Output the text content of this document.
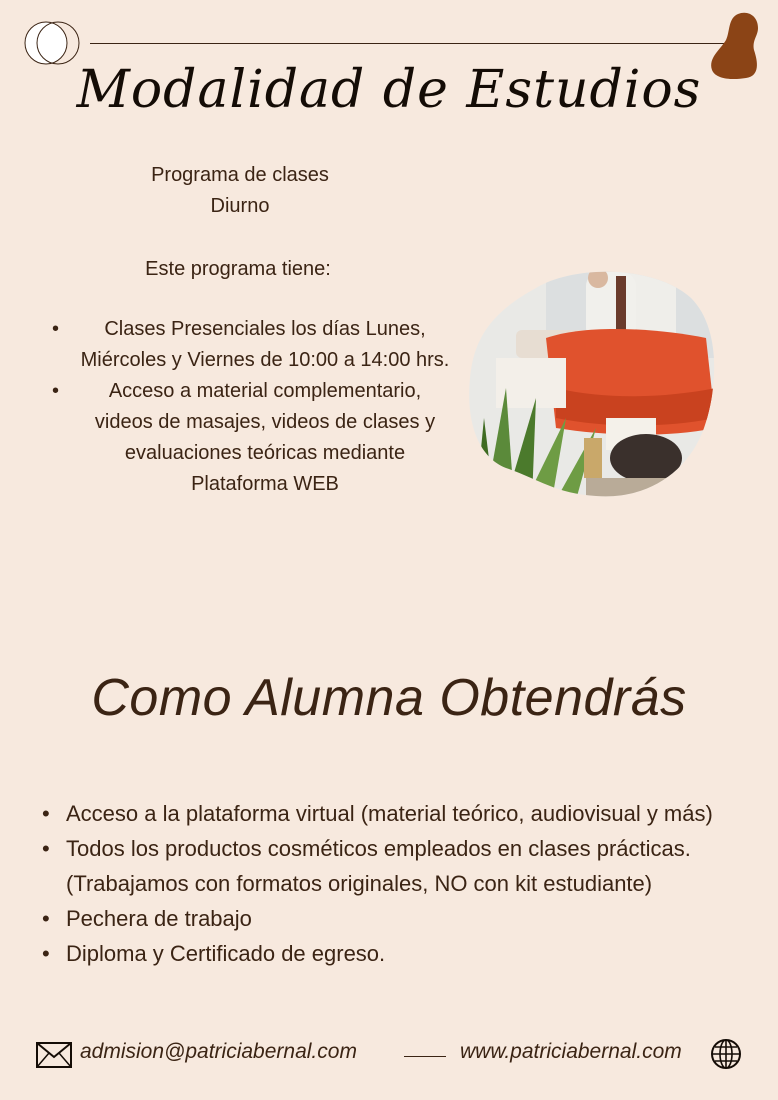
Modalidad de Estudios
Programa de clases
Diurno
Este programa tiene:
• Clases Presenciales los días Lunes, Miércoles y Viernes de 10:00 a 14:00 hrs.
• Acceso a material complementario, videos de masajes, videos de clases y evaluaciones teóricas mediante Plataforma WEB
Como Alumna Obtendrás
• Acceso a la plataforma virtual (material teórico, audiovisual y más)
• Todos los productos cosméticos empleados en clases prácticas. (Trabajamos con formatos originales, NO con kit estudiante)
• Pechera de trabajo
• Diploma y Certificado de egreso.
admision@patriciabernal.com	www.patriciabernal.com
